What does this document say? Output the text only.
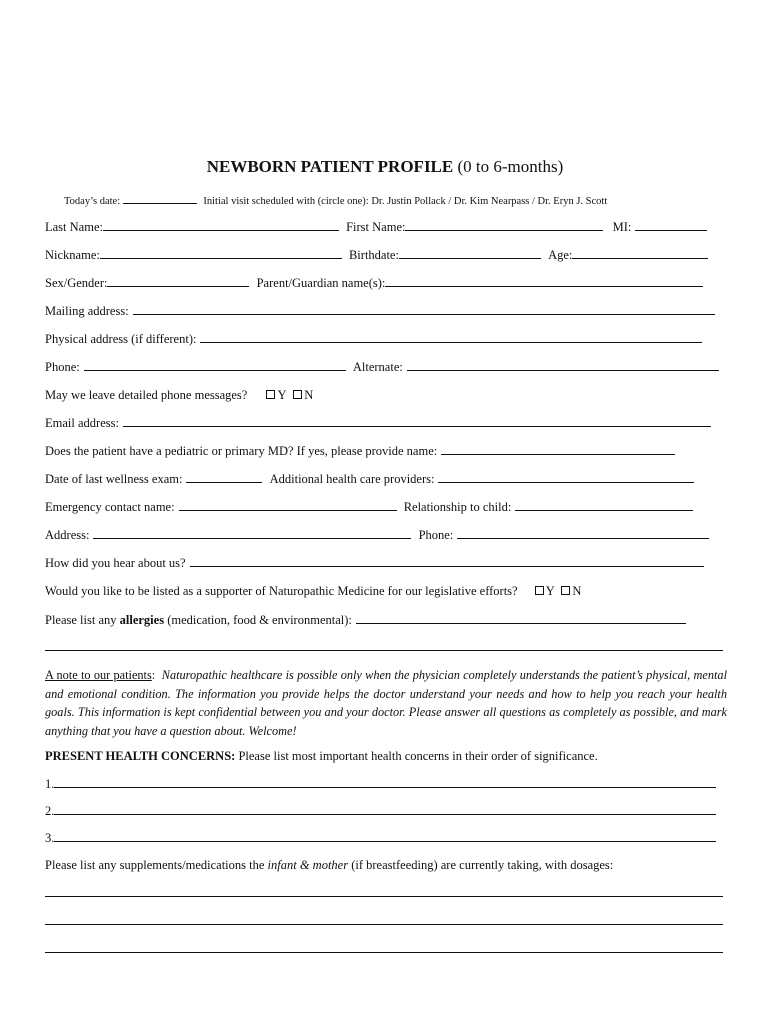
NEWBORN PATIENT PROFILE (0 to 6-months)
Today’s date:	Initial visit scheduled with (circle one): Dr. Justin Pollack / Dr. Kim Nearpass / Dr. Eryn J. Scott
Last Name:	First Name:	MI:
Nickname:	Birthdate:	Age:
Sex/Gender:	Parent/Guardian name(s):
Mailing address:
Physical address (if different):
Phone:	Alternate:
May we leave detailed phone messages? Y N
Email address:
Does the patient have a pediatric or primary MD? If yes, please provide name:
Date of last wellness exam:	Additional health care providers:
Emergency contact name:	Relationship to child:
Address:	Phone:
How did you hear about us?
Would you like to be listed as a supporter of Naturopathic Medicine for our legislative efforts? Y N
Please list any allergies (medication, food & environmental):
A note to our patients: Naturopathic healthcare is possible only when the physician completely understands the patient’s physical, mental and emotional condition. The information you provide helps the doctor understand your needs and how to help you reach your health goals. This information is kept confidential between you and your doctor. Please answer all questions as completely as possible, and mark anything that you have a question about. Welcome!
PRESENT HEALTH CONCERNS: Please list most important health concerns in their order of significance.
1.
2.
3.
Please list any supplements/medications the infant & mother (if breastfeeding) are currently taking, with dosages:
